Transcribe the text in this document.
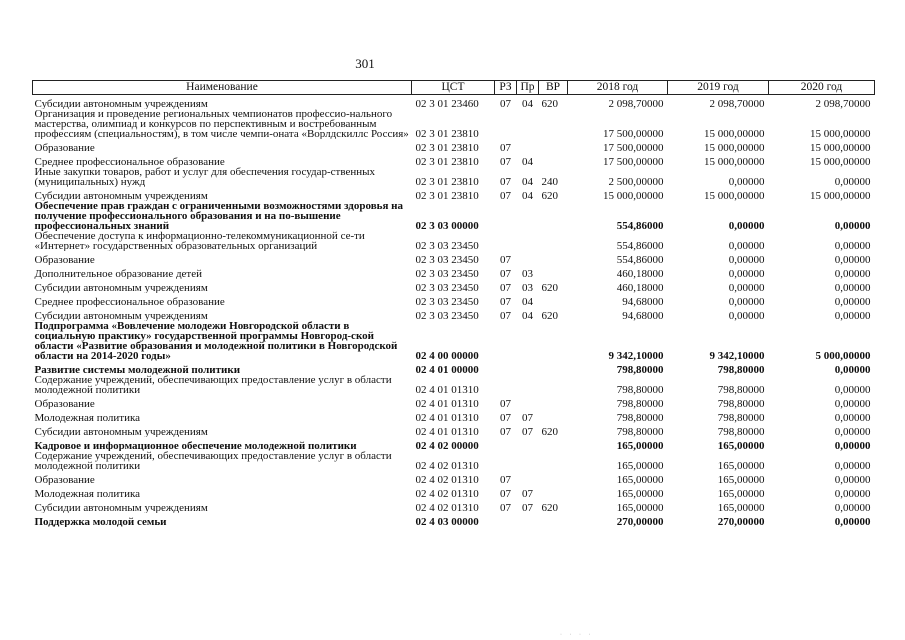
301
Наименование	ЦСТ	РЗ	Пр	ВР	2018 год	2019 год	2020 год
Субсидии автономным учреждениям	02 3 01 23460	07	04	620	2 098,70000	2 098,70000	2 098,70000
Организация и проведение региональных чемпионатов профессио-нального мастерства, олимпиад и конкурсов по перспективным и востребованным профессиям (специальностям), в том числе чемпи-оната «Ворлдскиллс Россия»	02 3 01 23810				17 500,00000	15 000,00000	15 000,00000
Образование	02 3 01 23810	07			17 500,00000	15 000,00000	15 000,00000
Среднее профессиональное образование	02 3 01 23810	07	04		17 500,00000	15 000,00000	15 000,00000
Иные закупки товаров, работ и услуг для обеспечения государ-ственных (муниципальных) нужд	02 3 01 23810	07	04	240	2 500,00000	0,00000	0,00000
Субсидии автономным учреждениям	02 3 01 23810	07	04	620	15 000,00000	15 000,00000	15 000,00000
Обеспечение прав граждан с ограниченными возможностями здоровья на получение профессионального образования и на по-вышение профессиональных знаний	02 3 03 00000				554,86000	0,00000	0,00000
Обеспечение доступа к информационно-телекоммуникационной се-ти «Интернет» государственных образовательных организаций	02 3 03 23450				554,86000	0,00000	0,00000
Образование	02 3 03 23450	07			554,86000	0,00000	0,00000
Дополнительное образование детей	02 3 03 23450	07	03		460,18000	0,00000	0,00000
Субсидии автономным учреждениям	02 3 03 23450	07	03	620	460,18000	0,00000	0,00000
Среднее профессиональное образование	02 3 03 23450	07	04		94,68000	0,00000	0,00000
Субсидии автономным учреждениям	02 3 03 23450	07	04	620	94,68000	0,00000	0,00000
Подпрограмма «Вовлечение молодежи Новгородской области в социальную практику» государственной программы Новгород-ской области «Развитие образования и молодежной политики в Новгородской области на 2014-2020 годы»	02 4 00 00000				9 342,10000	9 342,10000	5 000,00000
Развитие системы молодежной политики	02 4 01 00000				798,80000	798,80000	0,00000
Содержание учреждений, обеспечивающих предоставление услуг в области молодежной политики	02 4 01 01310				798,80000	798,80000	0,00000
Образование	02 4 01 01310	07			798,80000	798,80000	0,00000
Молодежная политика	02 4 01 01310	07	07		798,80000	798,80000	0,00000
Субсидии автономным учреждениям	02 4 01 01310	07	07	620	798,80000	798,80000	0,00000
Кадровое и информационное обеспечение молодежной политики	02 4 02 00000				165,00000	165,00000	0,00000
Содержание учреждений, обеспечивающих предоставление услуг в области молодежной политики	02 4 02 01310				165,00000	165,00000	0,00000
Образование	02 4 02 01310	07			165,00000	165,00000	0,00000
Молодежная политика	02 4 02 01310	07	07		165,00000	165,00000	0,00000
Субсидии автономным учреждениям	02 4 02 01310	07	07	620	165,00000	165,00000	0,00000
Поддержка молодой семьи	02 4 03 00000				270,00000	270,00000	0,00000
· · · ·
